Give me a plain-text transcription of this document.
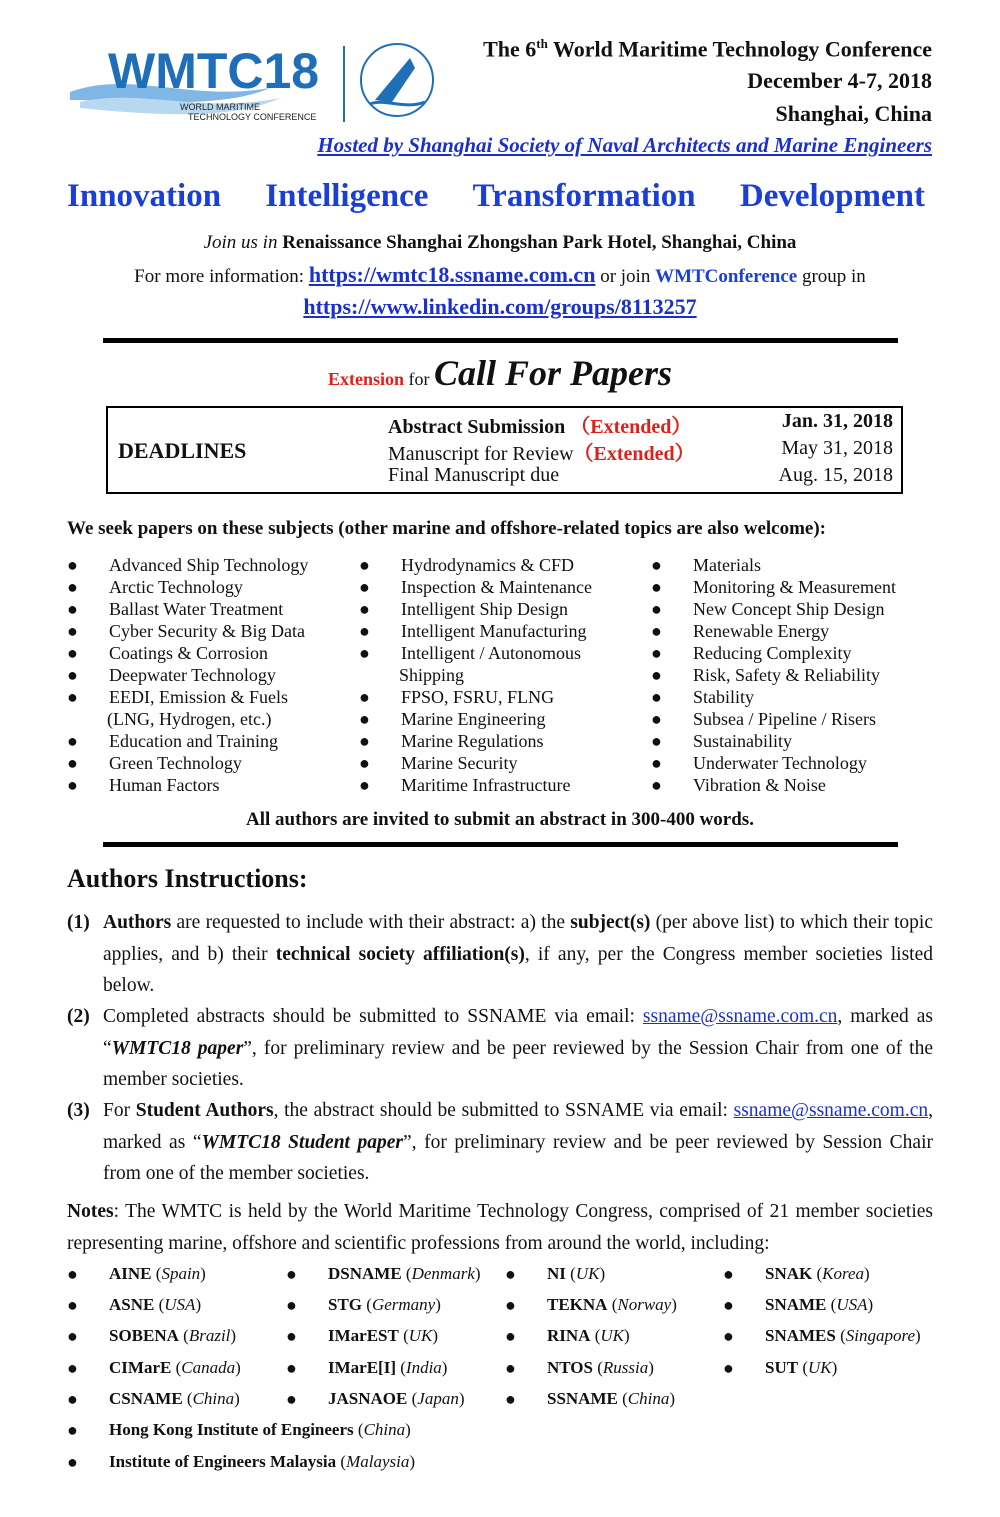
WMTC18
WORLD MARITIME
TECHNOLOGY CONFERENCE
The 6th World Maritime Technology Conference
December 4-7, 2018
Shanghai, China
Hosted by Shanghai Society of Naval Architects and Marine Engineers
Innovation Intelligence Transformation Development
Join us in Renaissance Shanghai Zhongshan Park Hotel, Shanghai, China
For more information: https://wmtc18.ssname.com.cn or join WMTConference group in
https://www.linkedin.com/groups/8113257
Extension for Call For Papers
DEADLINES
Abstract Submission （Extended）	Jan. 31, 2018
Manuscript for Review（Extended）	May 31, 2018
Final Manuscript due	Aug. 15, 2018
We seek papers on these subjects (other marine and offshore-related topics are also welcome):
● Advanced Ship Technology
● Arctic Technology
● Ballast Water Treatment
● Cyber Security & Big Data
● Coatings & Corrosion
● Deepwater Technology
● EEDI, Emission & Fuels
(LNG, Hydrogen, etc.)
● Education and Training
● Green Technology
● Human Factors
● Hydrodynamics & CFD
● Inspection & Maintenance
● Intelligent Ship Design
● Intelligent Manufacturing
● Intelligent / Autonomous
Shipping
● FPSO, FSRU, FLNG
● Marine Engineering
● Marine Regulations
● Marine Security
● Maritime Infrastructure
● Materials
● Monitoring & Measurement
● New Concept Ship Design
● Renewable Energy
● Reducing Complexity
● Risk, Safety & Reliability
● Stability
● Subsea / Pipeline / Risers
● Sustainability
● Underwater Technology
● Vibration & Noise
All authors are invited to submit an abstract in 300-400 words.
Authors Instructions:
(1) Authors are requested to include with their abstract: a) the subject(s) (per above list) to which their topic applies, and b) their technical society affiliation(s), if any, per the Congress member societies listed below.
(2) Completed abstracts should be submitted to SSNAME via email: ssname@ssname.com.cn, marked as “WMTC18 paper”, for preliminary review and be peer reviewed by the Session Chair from one of the member societies.
(3) For Student Authors, the abstract should be submitted to SSNAME via email: ssname@ssname.com.cn, marked as “WMTC18 Student paper”, for preliminary review and be peer reviewed by Session Chair from one of the member societies.
Notes: The WMTC is held by the World Maritime Technology Congress, comprised of 21 member societies representing marine, offshore and scientific professions from around the world, including:
● AINE (Spain)
● ASNE (USA)
● SOBENA (Brazil)
● CIMarE (Canada)
● CSNAME (China)
● DSNAME (Denmark)
● STG (Germany)
● IMarEST (UK)
● IMarE[I] (India)
● JASNAOE (Japan)
● NI (UK)
● TEKNA (Norway)
● RINA (UK)
● NTOS (Russia)
● SSNAME (China)
● SNAK (Korea)
● SNAME (USA)
● SNAMES (Singapore)
● SUT (UK)
● Hong Kong Institute of Engineers (China)
● Institute of Engineers Malaysia (Malaysia)
